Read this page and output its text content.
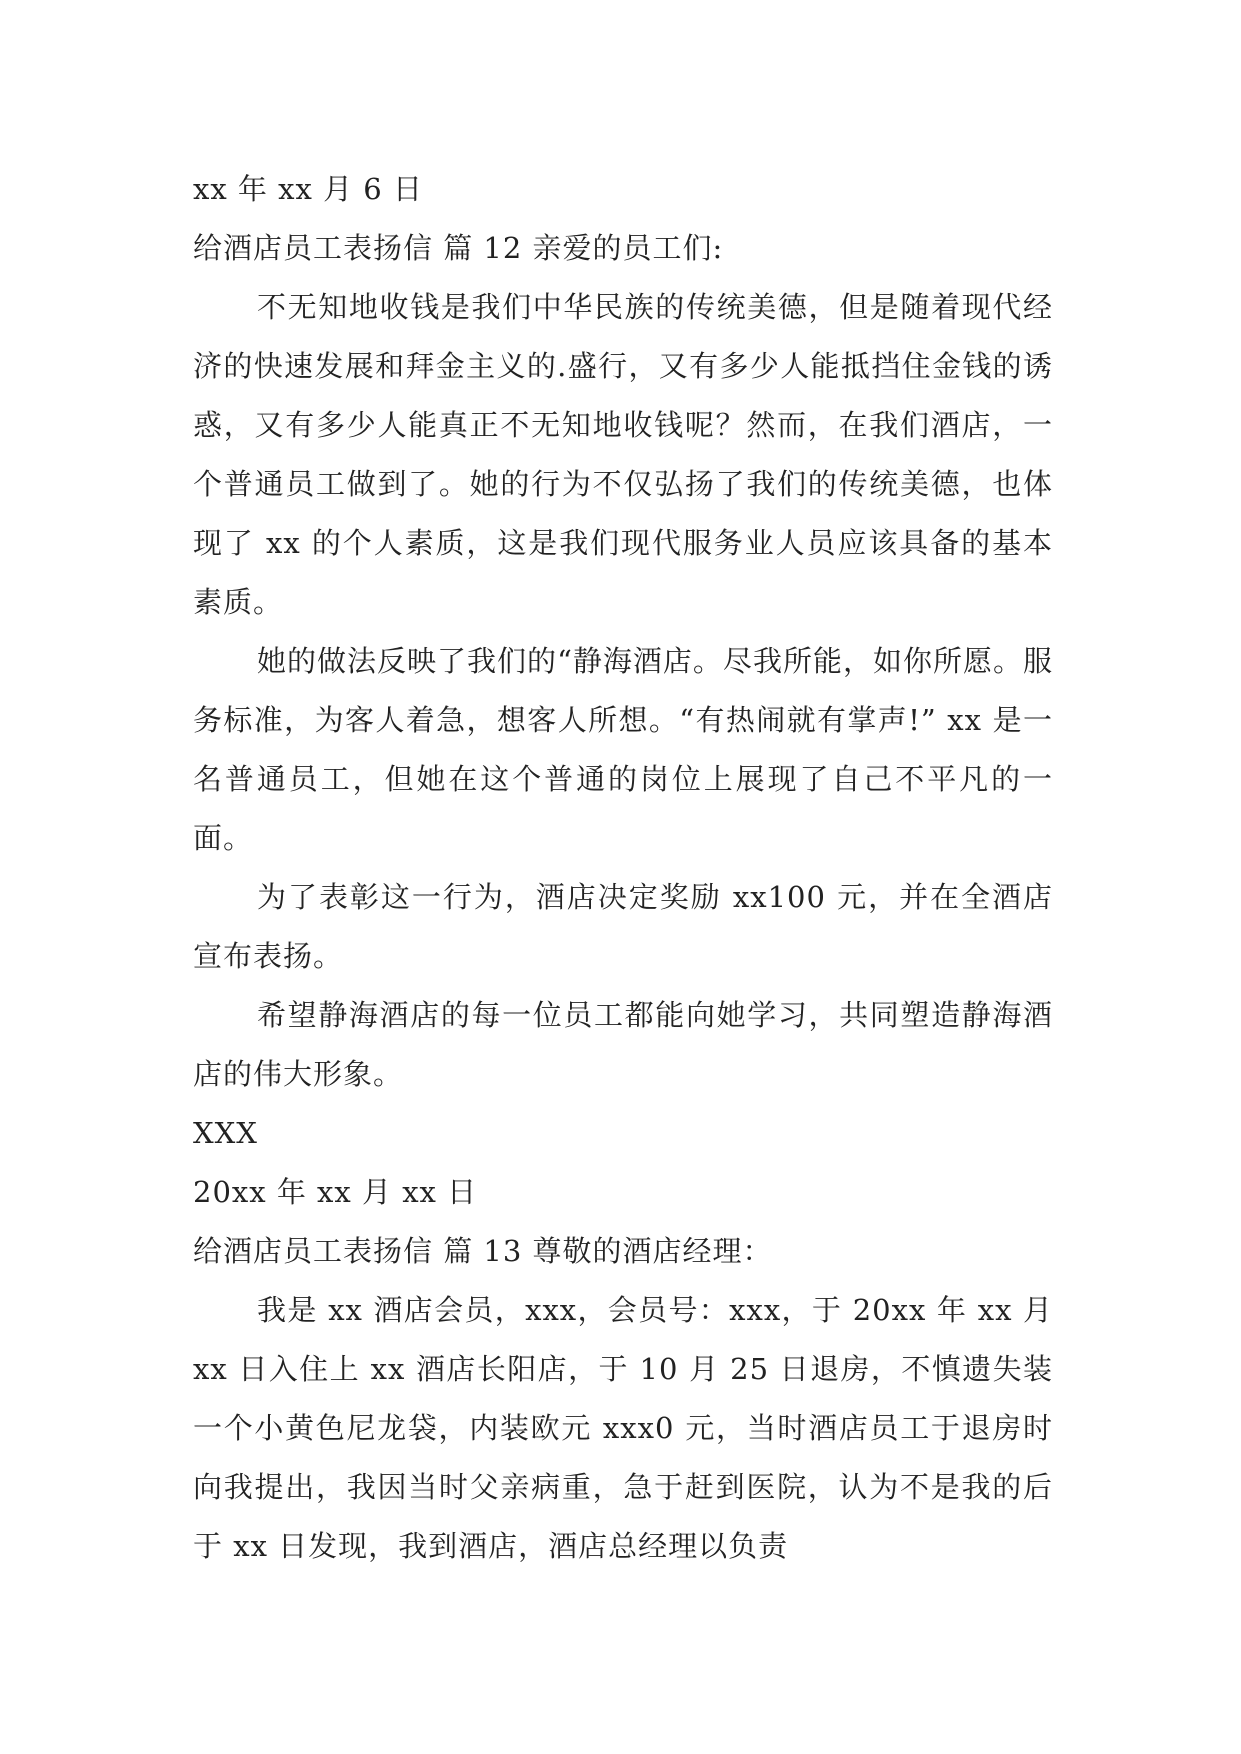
xx 年 xx 月 6 日

给酒店员工表扬信 篇 12 亲爱的员工们:

不无知地收钱是我们中华民族的传统美德，但是随着现代经济的快速发展和拜金主义的.盛行，又有多少人能抵挡住金钱的诱惑，又有多少人能真正不无知地收钱呢？然而，在我们酒店，一个普通员工做到了。她的行为不仅弘扬了我们的传统美德，也体现了 xx 的个人素质，这是我们现代服务业人员应该具备的基本素质。

她的做法反映了我们的“静海酒店。尽我所能，如你所愿。服务标准，为客人着急，想客人所想。“有热闹就有掌声!” xx 是一名普通员工，但她在这个普通的岗位上展现了自己不平凡的一面。

为了表彰这一行为，酒店决定奖励 xx100 元，并在全酒店宣布表扬。

希望静海酒店的每一位员工都能向她学习，共同塑造静海酒店的伟大形象。

XXX

20xx 年 xx 月 xx 日

给酒店员工表扬信 篇 13 尊敬的酒店经理：

我是 xx 酒店会员，xxx，会员号：xxx，于 20xx 年 xx 月 xx 日入住上 xx 酒店长阳店，于 10 月 25 日退房，不慎遗失装一个小黄色尼龙袋，内装欧元 xxx0 元，当时酒店员工于退房时向我提出，我因当时父亲病重，急于赶到医院，认为不是我的后于 xx 日发现，我到酒店，酒店总经理以负责
